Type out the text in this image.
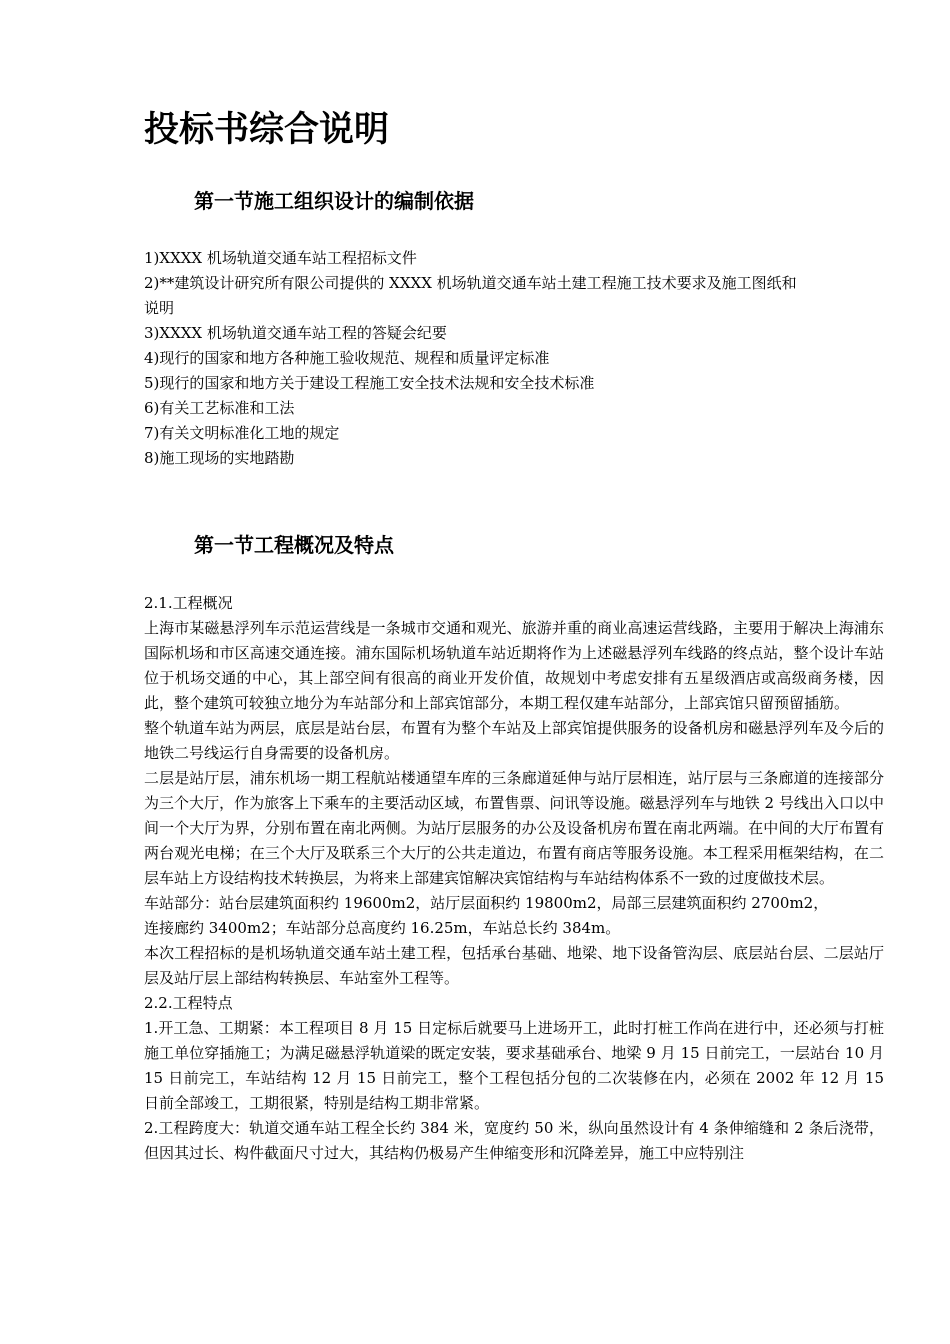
投标书综合说明
第一节施工组织设计的编制依据
1)XXXX 机场轨道交通车站工程招标文件
2)**建筑设计研究所有限公司提供的 XXXX 机场轨道交通车站土建工程施工技术要求及施工图纸和
说明
3)XXXX 机场轨道交通车站工程的答疑会纪要
4)现行的国家和地方各种施工验收规范、规程和质量评定标准
5)现行的国家和地方关于建设工程施工安全技术法规和安全技术标准
6)有关工艺标准和工法
7)有关文明标准化工地的规定
8)施工现场的实地踏勘
第一节工程概况及特点
2.1.工程概况
上海市某磁悬浮列车示范运营线是一条城市交通和观光、旅游并重的商业高速运营线路，主要用于解决上海浦东国际机场和市区高速交通连接。浦东国际机场轨道车站近期将作为上述磁悬浮列车线路的终点站，整个设计车站位于机场交通的中心，其上部空间有很高的商业开发价值，故规划中考虑安排有五星级酒店或高级商务楼，因此，整个建筑可较独立地分为车站部分和上部宾馆部分，本期工程仅建车站部分，上部宾馆只留预留插筋。
整个轨道车站为两层，底层是站台层，布置有为整个车站及上部宾馆提供服务的设备机房和磁悬浮列车及今后的地铁二号线运行自身需要的设备机房。
二层是站厅层，浦东机场一期工程航站楼通望车库的三条廊道延伸与站厅层相连，站厅层与三条廊道的连接部分为三个大厅，作为旅客上下乘车的主要活动区域，布置售票、问讯等设施。磁悬浮列车与地铁 2 号线出入口以中间一个大厅为界，分别布置在南北两侧。为站厅层服务的办公及设备机房布置在南北两端。在中间的大厅布置有两台观光电梯；在三个大厅及联系三个大厅的公共走道边，布置有商店等服务设施。本工程采用框架结构，在二层车站上方设结构技术转换层，为将来上部建宾馆解决宾馆结构与车站结构体系不一致的过度做技术层。
车站部分：站台层建筑面积约 19600m2，站厅层面积约 19800m2，局部三层建筑面积约 2700m2，
连接廊约 3400m2；车站部分总高度约 16.25m，车站总长约 384m。
本次工程招标的是机场轨道交通车站土建工程，包括承台基础、地梁、地下设备管沟层、底层站台层、二层站厅层及站厅层上部结构转换层、车站室外工程等。
2.2.工程特点
1.开工急、工期紧：本工程项目 8 月 15 日定标后就要马上进场开工，此时打桩工作尚在进行中，还必须与打桩施工单位穿插施工；为满足磁悬浮轨道梁的既定安装，要求基础承台、地梁 9 月 15 日前完工，一层站台 10 月 15 日前完工，车站结构 12 月 15 日前完工，整个工程包括分包的二次装修在内，必须在 2002 年 12 月 15 日前全部竣工，工期很紧，特别是结构工期非常紧。
2.工程跨度大：轨道交通车站工程全长约 384 米，宽度约 50 米，纵向虽然设计有 4 条伸缩缝和 2 条后浇带，但因其过长、构件截面尺寸过大，其结构仍极易产生伸缩变形和沉降差异，施工中应特别注
